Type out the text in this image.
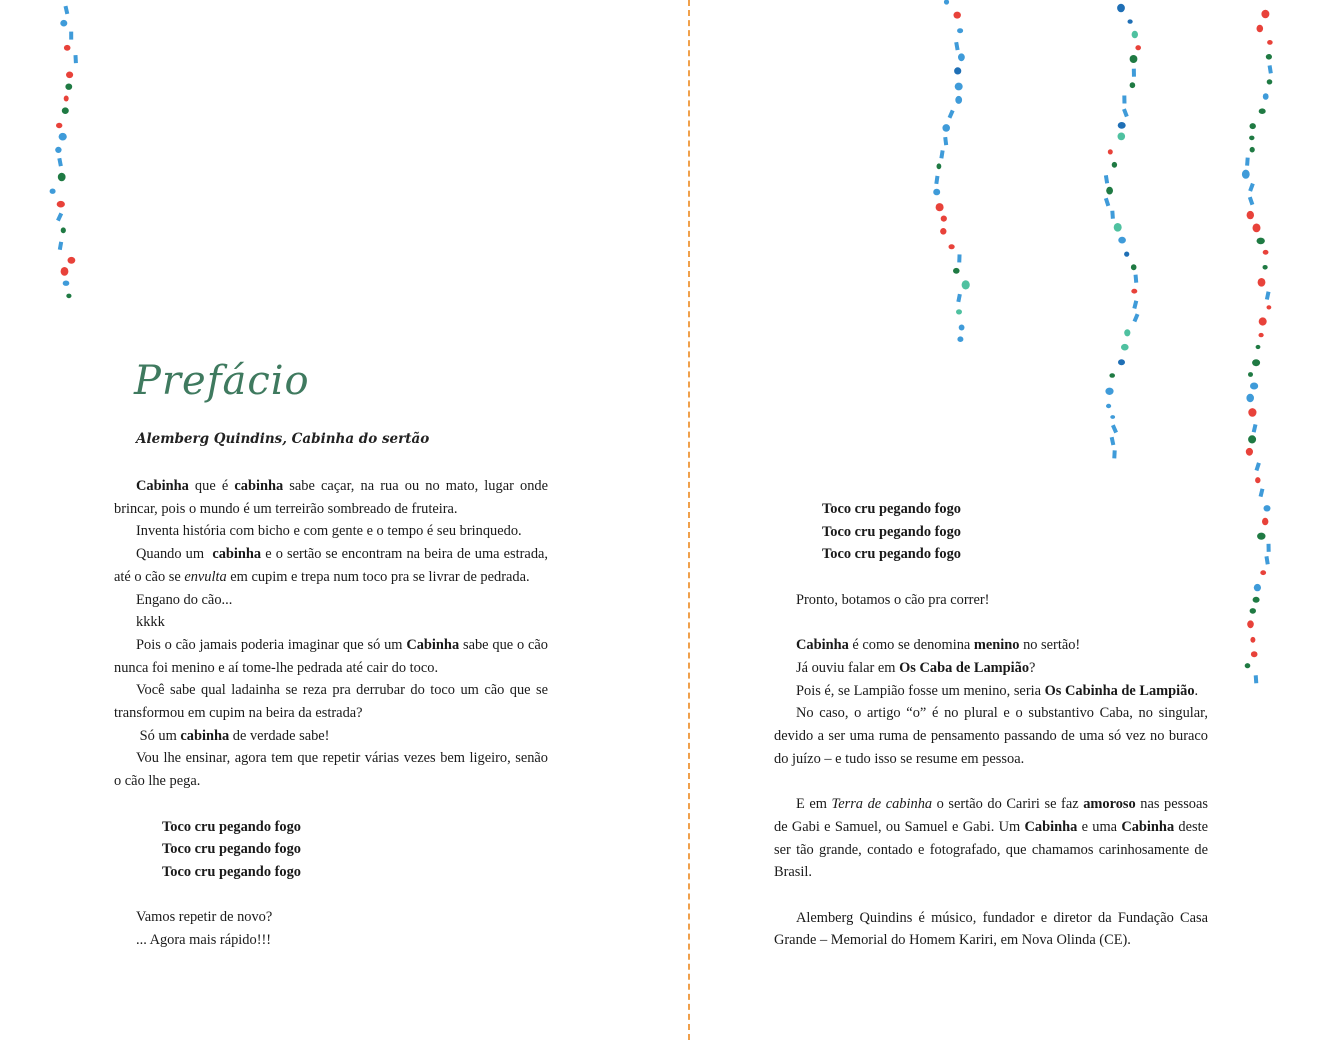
Prefácio
Alemberg Quindins, Cabinha do sertão

Cabinha que é cabinha sabe caçar, na rua ou no mato, lugar onde brincar, pois o mundo é um terreirão sombreado de fruteira.

Inventa história com bicho e com gente e o tempo é seu brinquedo.

Quando um  cabinha e o sertão se encontram na beira de uma estrada, até o cão se envulta em cupim e trepa num toco pra se livrar de pedrada.

Engano do cão...

kkkk

Pois o cão jamais poderia imaginar que só um Cabinha sabe que o cão nunca foi menino e aí tome-lhe pedrada até cair do toco.

Você sabe qual ladainha se reza pra derrubar do toco um cão que se transformou em cupim na beira da estrada?

Só um cabinha de verdade sabe!

Vou lhe ensinar, agora tem que repetir várias vezes bem ligeiro, senão o cão lhe pega.

Toco cru pegando fogo

Toco cru pegando fogo

Toco cru pegando fogo

Vamos repetir de novo?

... Agora mais rápido!!!

Toco cru pegando fogo

Toco cru pegando fogo

Toco cru pegando fogo

Pronto, botamos o cão pra correr!

Cabinha é como se denomina menino no sertão!

Já ouviu falar em Os Caba de Lampião?

Pois é, se Lampião fosse um menino, seria Os Cabinha de Lampião.

No caso, o artigo “o” é no plural e o substantivo Caba, no singular, devido a ser uma ruma de pensamento passando de uma só vez no buraco do juízo – e tudo isso se resume em pessoa.

E em Terra de cabinha o sertão do Cariri se faz amoroso nas pessoas de Gabi e Samuel, ou Samuel e Gabi. Um Cabinha e uma Cabinha deste ser tão grande, contado e fotografado, que chamamos carinhosamente de Brasil.

Alemberg Quindins é músico, fundador e diretor da Fundação Casa Grande – Memorial do Homem Kariri, em Nova Olinda (CE).
